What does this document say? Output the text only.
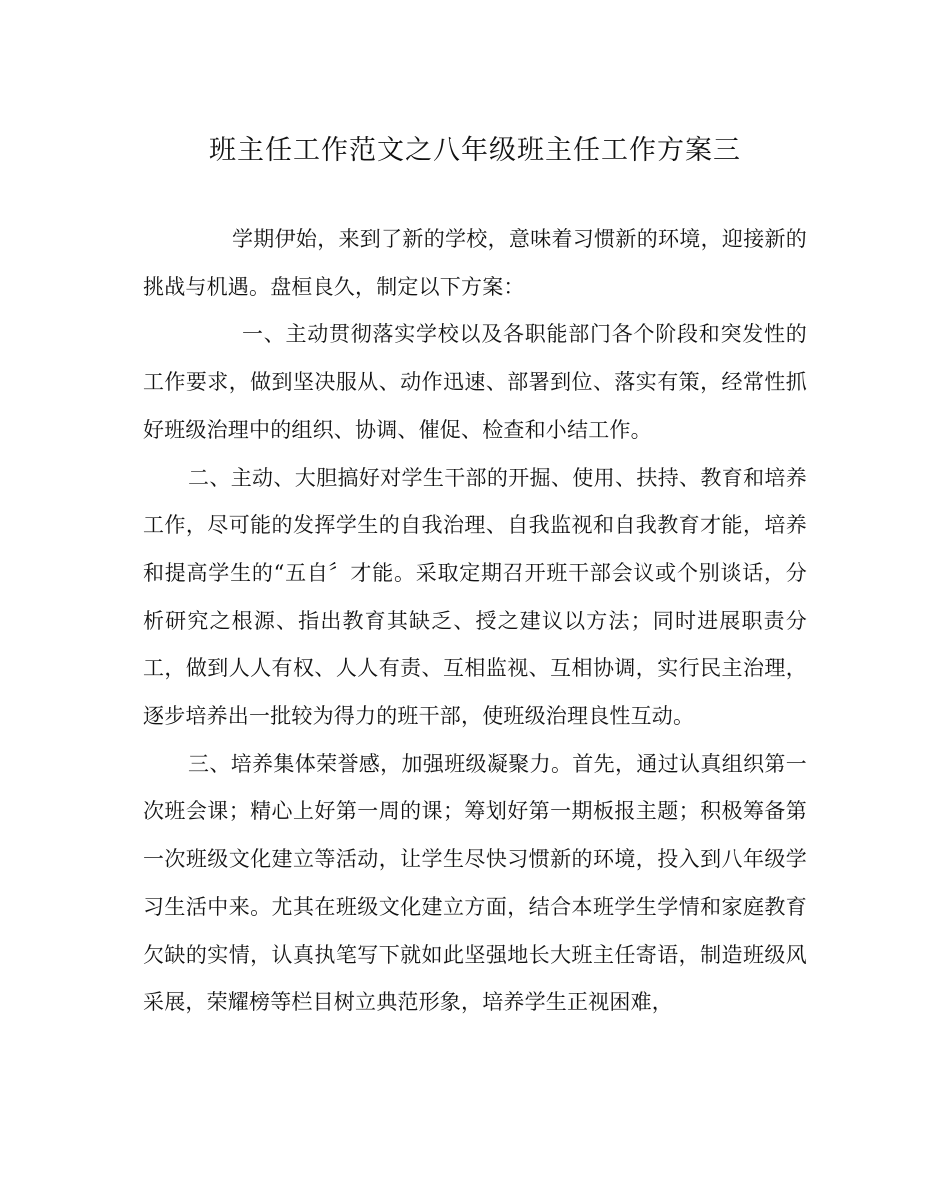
班主任工作范文之八年级班主任工作方案三

学期伊始，来到了新的学校，意味着习惯新的环境，迎接新的挑战与机遇。盘桓良久，制定以下方案：

一、主动贯彻落实学校以及各职能部门各个阶段和突发性的工作要求，做到坚决服从、动作迅速、部署到位、落实有策，经常性抓好班级治理中的组织、协调、催促、检查和小结工作。

二、主动、大胆搞好对学生干部的开掘、使用、扶持、教育和培养工作，尽可能的发挥学生的自我治理、自我监视和自我教育才能，培养和提高学生的“五自〞才能。采取定期召开班干部会议或个别谈话，分析研究之根源、指出教育其缺乏、授之建议以方法；同时进展职责分工，做到人人有权、人人有责、互相监视、互相协调，实行民主治理，逐步培养出一批较为得力的班干部，使班级治理良性互动。

三、培养集体荣誉感，加强班级凝聚力。首先，通过认真组织第一次班会课；精心上好第一周的课；筹划好第一期板报主题；积极筹备第一次班级文化建立等活动，让学生尽快习惯新的环境，投入到八年级学习生活中来。尤其在班级文化建立方面，结合本班学生学情和家庭教育欠缺的实情，认真执笔写下就如此坚强地长大班主任寄语，制造班级风采展，荣耀榜等栏目树立典范形象，培养学生正视困难，
